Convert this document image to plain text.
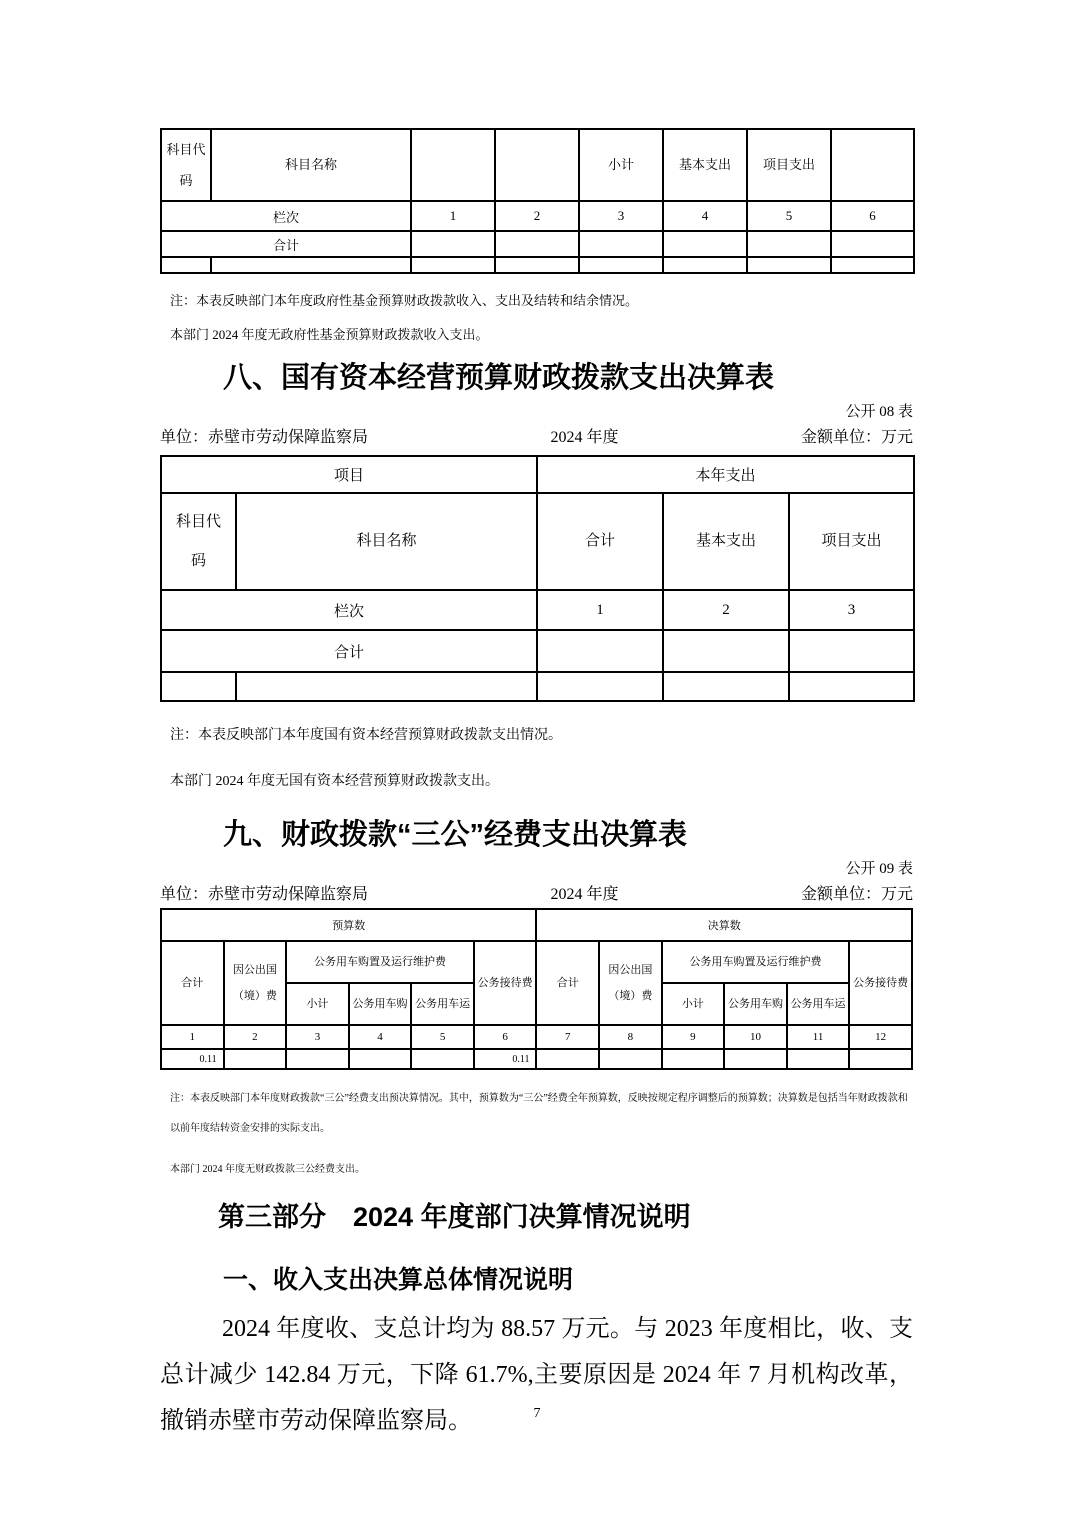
科目代码	科目名称			小计	基本支出	项目支出	
栏次		1	2	3	4	5	6
合计							

注：本表反映部门本年度政府性基金预算财政拨款收入、支出及结转和结余情况。
本部门 2024 年度无政府性基金预算财政拨款收入支出。
八、国有资本经营预算财政拨款支出决算表
公开 08 表
单位：赤壁市劳动保障监察局	2024 年度	金额单位：万元
项目		本年支出		

科目代码	科目名称	合计	基本支出	项目支出
栏次		1	2	3
合计				

注：本表反映部门本年度国有资本经营预算财政拨款支出情况。
本部门 2024 年度无国有资本经营预算财政拨款支出。
九、财政拨款“三公”经费支出决算表
公开 09 表
单位：赤壁市劳动保障监察局	2024 年度	金额单位：万元
预算数						决算数					
合计	因公出国（境）费	公务用车购置及运行维护费			公务接待费	合计	因公出国（境）费	公务用车购置及运行维护费			公务接待费
		小计	公务用车购	公务用车运				小计	公务用车购	公务用车运	
1	2	3	4	5	6	7	8	9	10	11	12
0.11					0.11						
注：本表反映部门本年度财政拨款“三公”经费支出预决算情况。其中，预算数为“三公”经费全年预算数，反映按规定程序调整后的预算数；决算数是包括当年财政拨款和以前年度结转资金安排的实际支出。
本部门 2024 年度无财政拨款三公经费支出。
第三部分　2024 年度部门决算情况说明
一、收入支出决算总体情况说明
2024 年度收、支总计均为 88.57 万元。与 2023 年度相比，收、支总计减少 142.84 万元，下降 61.7%,主要原因是 2024 年 7 月机构改革，撤销赤壁市劳动保障监察局。	7
